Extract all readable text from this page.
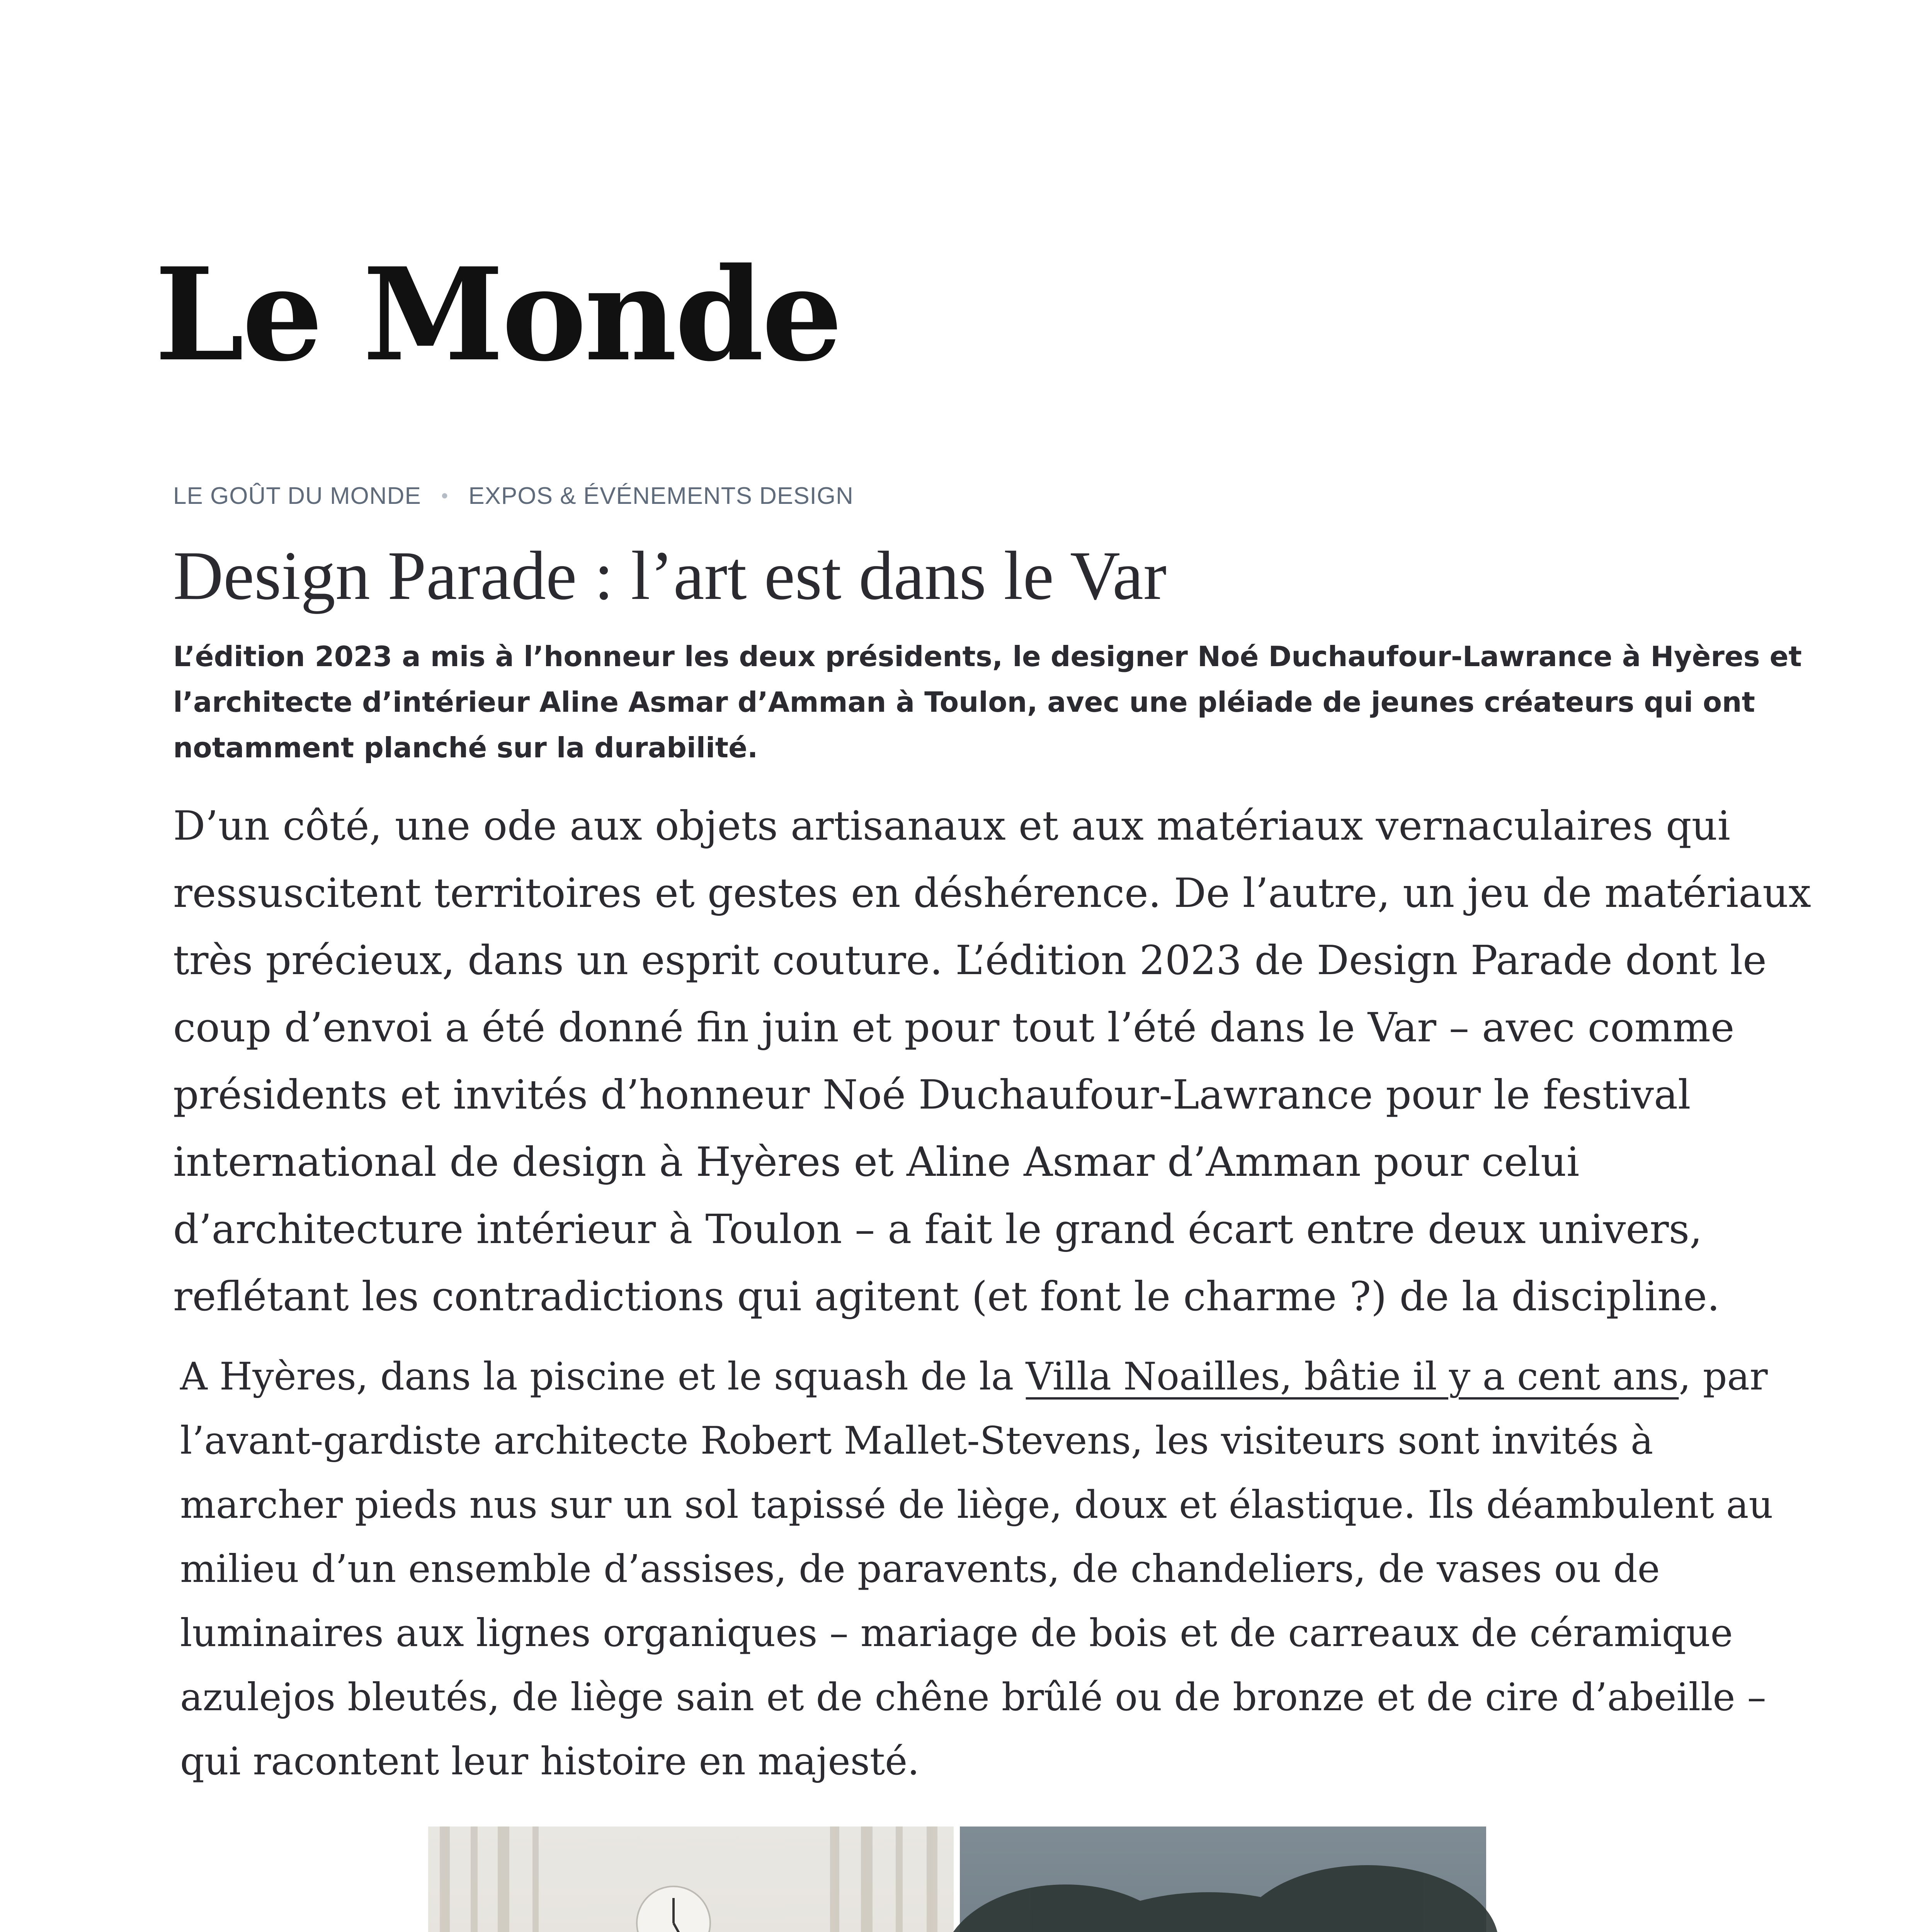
Le Monde
LE GOÛT DU MONDE • EXPOS & ÉVÉNEMENTS DESIGN
Design Parade : l’art est dans le Var

L’édition 2023 a mis à l’honneur les deux présidents, le designer Noé Duchaufour-Lawrance à Hyères et l’architecte d’intérieur Aline Asmar d’Amman à Toulon, avec une pléiade de jeunes créateurs qui ont notamment planché sur la durabilité.

D’un côté, une ode aux objets artisanaux et aux matériaux vernaculaires qui ressuscitent territoires et gestes en déshérence. De l’autre, un jeu de matériaux très précieux, dans un esprit couture. L’édition 2023 de Design Parade dont le coup d’envoi a été donné fin juin et pour tout l’été dans le Var – avec comme présidents et invités d’honneur Noé Duchaufour-Lawrance pour le festival international de design à Hyères et Aline Asmar d’Amman pour celui d’architecture intérieur à Toulon – a fait le grand écart entre deux univers, reflétant les contradictions qui agitent (et font le charme ?) de la discipline.

A Hyères, dans la piscine et le squash de la Villa Noailles, bâtie il y a cent ans, par l’avant-gardiste architecte Robert Mallet-Stevens, les visiteurs sont invités à marcher pieds nus sur un sol tapissé de liège, doux et élastique. Ils déambulent au milieu d’un ensemble d’assises, de paravents, de chandeliers, de vases ou de luminaires aux lignes organiques – mariage de bois et de carreaux de céramique azulejos bleutés, de liège sain et de chêne brûlé ou de bronze et de cire d’abeille – qui racontent leur histoire en majesté.
